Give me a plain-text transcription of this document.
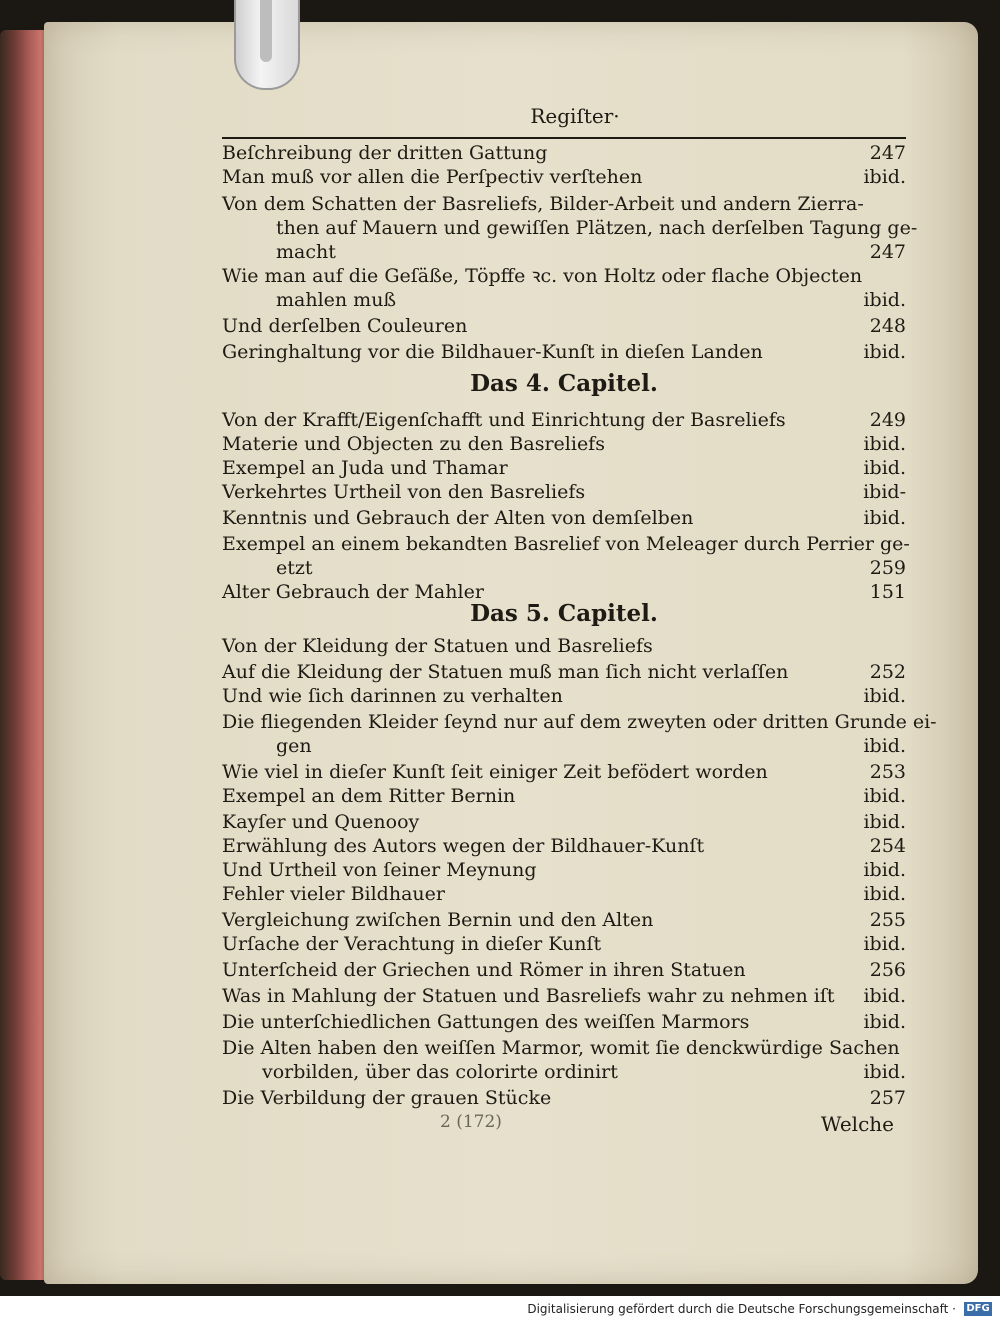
Regiſter·
Beſchreibung der dritten Gattung	247
Man muß vor allen die Perſpectiv verſtehen	ibid.
Von dem Schatten der Basreliefs, Bilder-Arbeit und andern Zierra-
then auf Mauern und gewiſſen Plätzen, nach derſelben Tagung ge-
macht	247
Wie man auf die Geſäße, Töpffe ꝛc. von Holtz oder flache Objecten
mahlen muß	ibid.
Und derſelben Couleuren	248
Geringhaltung vor die Bildhauer-Kunſt in dieſen Landen	ibid.
Das 4. Capitel.
Von der Krafft/Eigenſchafft und Einrichtung der Basreliefs	249
Materie und Objecten zu den Basreliefs	ibid.
Exempel an Juda und Thamar	ibid.
Verkehrtes Urtheil von den Basreliefs	ibid-
Kenntnis und Gebrauch der Alten von demſelben	ibid.
Exempel an einem bekandten Basrelief von Meleager durch Perrier ge-
etzt	259
Alter Gebrauch der Mahler	151
Das 5. Capitel.
Von der Kleidung der Statuen und Basreliefs
Auf die Kleidung der Statuen muß man ſich nicht verlaſſen	252
Und wie ſich darinnen zu verhalten	ibid.
Die fliegenden Kleider ſeynd nur auf dem zweyten oder dritten Grunde ei-
gen	ibid.
Wie viel in dieſer Kunſt ſeit einiger Zeit befödert worden	253
Exempel an dem Ritter Bernin	ibid.
Kayſer und Quenooy	ibid.
Erwählung des Autors wegen der Bildhauer-Kunſt	254
Und Urtheil von ſeiner Meynung	ibid.
Fehler vieler Bildhauer	ibid.
Vergleichung zwiſchen Bernin und den Alten	255
Urſache der Verachtung in dieſer Kunſt	ibid.
Unterſcheid der Griechen und Römer in ihren Statuen	256
Was in Mahlung der Statuen und Basreliefs wahr zu nehmen iſt ibid.
Die unterſchiedlichen Gattungen des weiſſen Marmors	ibid.
Die Alten haben den weiſſen Marmor, womit ſie denckwürdige Sachen
vorbilden, über das colorirte ordinirt	ibid.
Die Verbildung der grauen Stücke	257
2 (172)	Welche
Digitalisierung gefördert durch die Deutsche Forschungsgemeinschaft · DFG
